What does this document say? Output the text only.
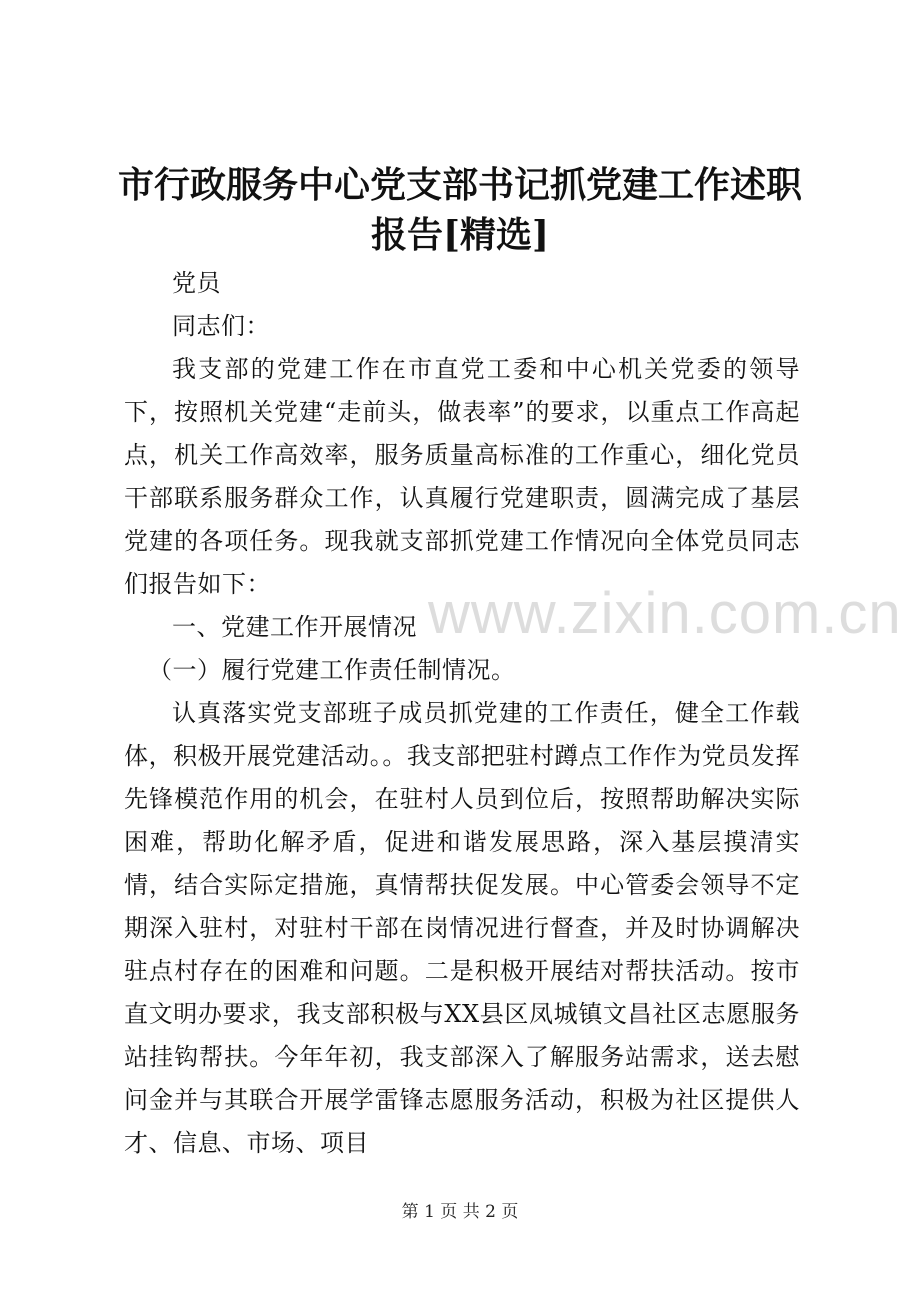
市行政服务中心党支部书记抓党建工作述职报告[精选]

党员

同志们：

我支部的党建工作在市直党工委和中心机关党委的领导下，按照机关党建“走前头，做表率”的要求，以重点工作高起点，机关工作高效率，服务质量高标准的工作重心，细化党员干部联系服务群众工作，认真履行党建职责，圆满完成了基层党建的各项任务。现我就支部抓党建工作情况向全体党员同志们报告如下：

一、党建工作开展情况

（一）履行党建工作责任制情况。

认真落实党支部班子成员抓党建的工作责任，健全工作载体，积极开展党建活动。。我支部把驻村蹲点工作作为党员发挥先锋模范作用的机会，在驻村人员到位后，按照帮助解决实际困难，帮助化解矛盾，促进和谐发展思路，深入基层摸清实情，结合实际定措施，真情帮扶促发展。中心管委会领导不定期深入驻村，对驻村干部在岗情况进行督查，并及时协调解决驻点村存在的困难和问题。二是积极开展结对帮扶活动。按市直文明办要求，我支部积极与XX县区凤城镇文昌社区志愿服务站挂钩帮扶。今年年初，我支部深入了解服务站需求，送去慰问金并与其联合开展学雷锋志愿服务活动，积极为社区提供人才、信息、市场、项目

www.zixin.com.cn
第 1 页 共 2 页
